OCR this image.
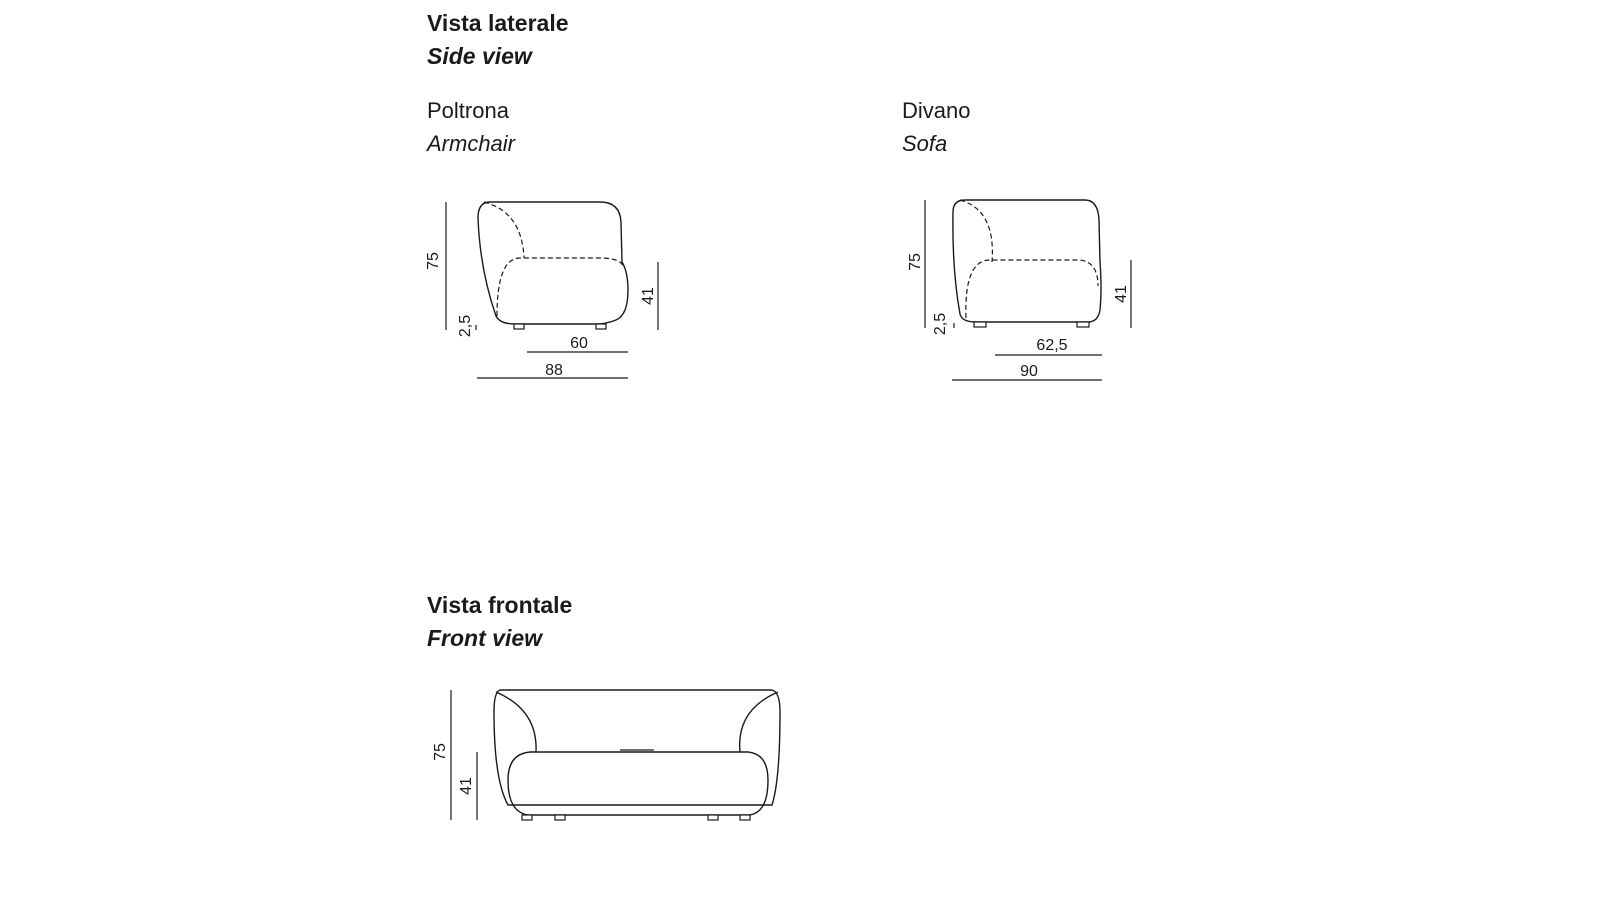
Vista laterale
Side view
Poltrona
Armchair
Divano
Sofa
Vista frontale
Front view
75
41
2,5
60
88
75
41
2,5
62,5
90
75
41
